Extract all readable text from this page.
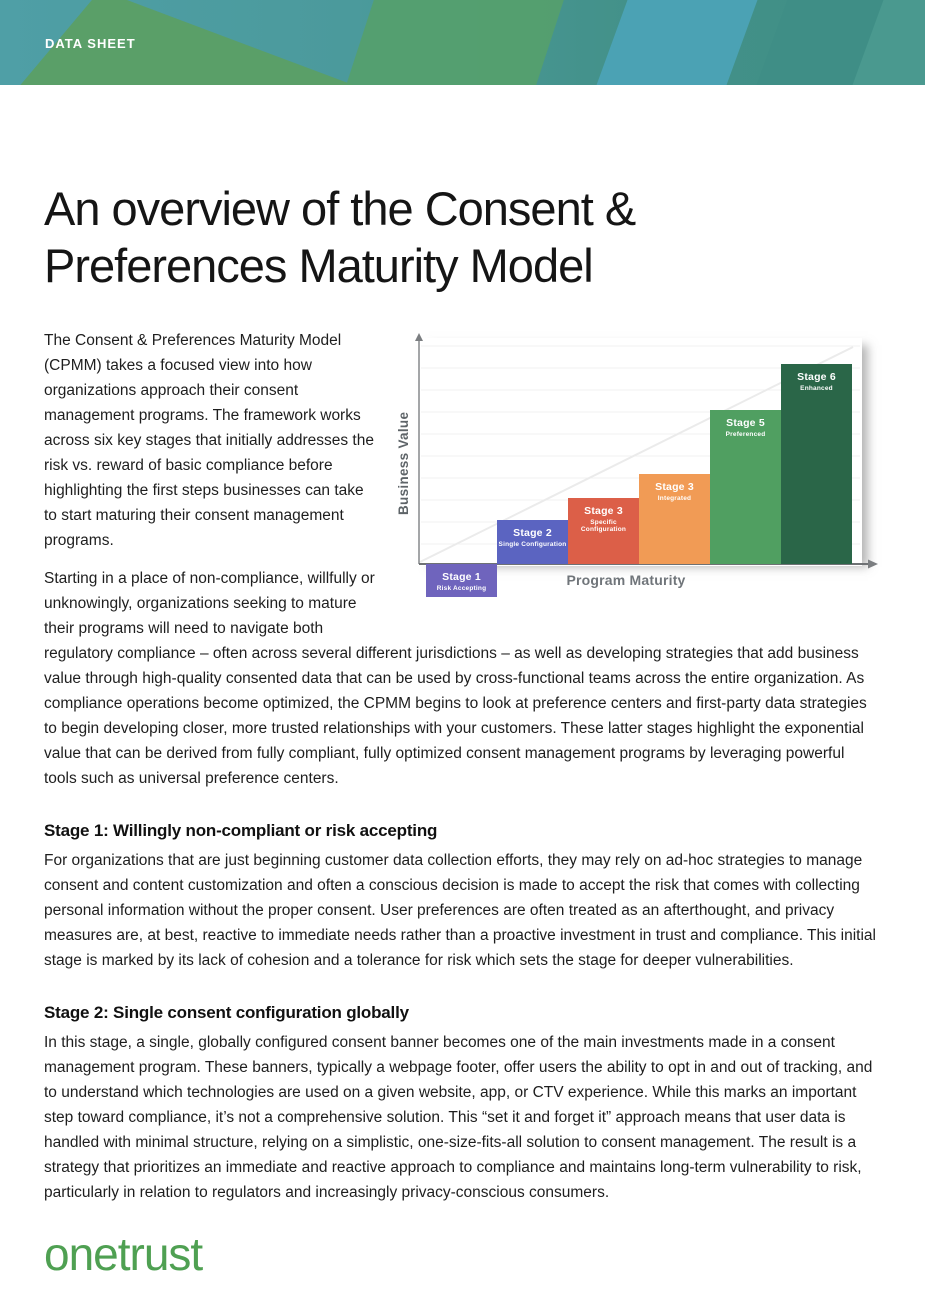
DATA SHEET
An overview of the Consent & Preferences Maturity Model
Stage 1
Risk Accepting
Stage 2
Single Configuration
Stage 3
Specific Configuration
Stage 3
Integrated
Stage 5
Preferenced
Stage 6
Enhanced
Business Value
Program Maturity

The Consent & Preferences Maturity Model (CPMM) takes a focused view into how organizations approach their consent management programs. The framework works across six key stages that initially addresses the risk vs. reward of basic compliance before highlighting the first steps businesses can take to start maturing their consent management programs.

Starting in a place of non-compliance, willfully or unknowingly, organizations seeking to mature their programs will need to navigate both regulatory compliance – often across several different jurisdictions – as well as developing strategies that add business value through high-quality consented data that can be used by cross-functional teams across the entire organization. As compliance operations become optimized, the CPMM begins to look at preference centers and first-party data strategies to begin developing closer, more trusted relationships with your customers. These latter stages highlight the exponential value that can be derived from fully compliant, fully optimized consent management programs by leveraging powerful tools such as universal preference centers.

Stage 1: Willingly non-compliant or risk accepting

For organizations that are just beginning customer data collection efforts, they may rely on ad-hoc strategies to manage consent and content customization and often a conscious decision is made to accept the risk that comes with collecting personal information without the proper consent. User preferences are often treated as an afterthought, and privacy measures are, at best, reactive to immediate needs rather than a proactive investment in trust and compliance. This initial stage is marked by its lack of cohesion and a tolerance for risk which sets the stage for deeper vulnerabilities.

Stage 2: Single consent configuration globally

In this stage, a single, globally configured consent banner becomes one of the main investments made in a consent management program. These banners, typically a webpage footer, offer users the ability to opt in and out of tracking, and to understand which technologies are used on a given website, app, or CTV experience. While this marks an important step toward compliance, it’s not a comprehensive solution. This “set it and forget it” approach means that user data is handled with minimal structure, relying on a simplistic, one-size-fits-all solution to consent management. The result is a strategy that prioritizes an immediate and reactive approach to compliance and maintains long-term vulnerability to risk, particularly in relation to regulators and increasingly privacy-conscious consumers.

onetrust
